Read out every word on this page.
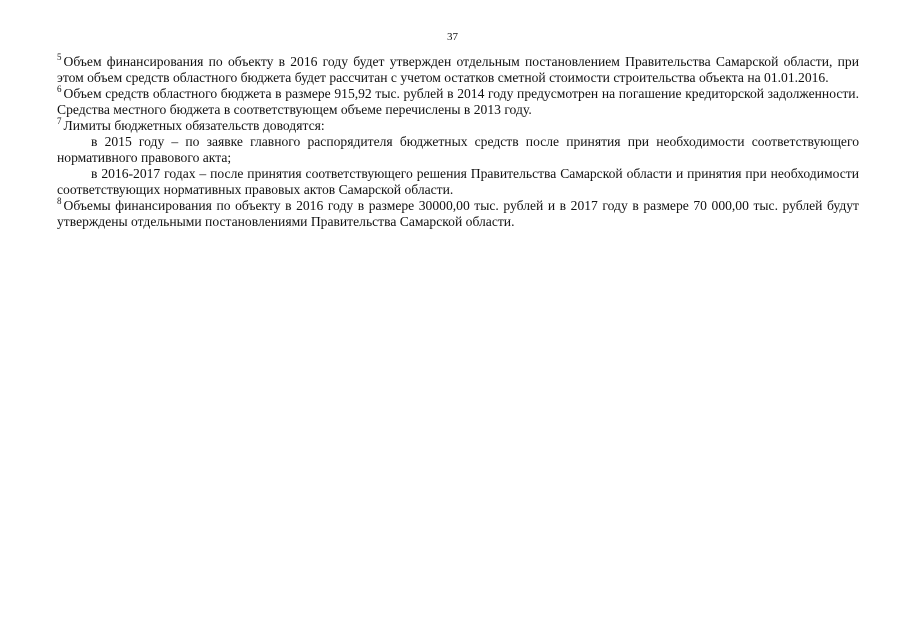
37

$^5$ Объем финансирования по объекту в 2016 году будет утвержден отдельным постановлением Правительства Самарской области, при этом объем средств областного бюджета будет рассчитан с учетом остатков сметной стоимости строительства объекта на 01.01.2016.

$^6$ Объем средств областного бюджета в размере 915,92 тыс. рублей в 2014 году предусмотрен на погашение кредиторской задолженности. Средства местного бюджета в соответствующем объеме перечислены в 2013 году.

$^7$ Лимиты бюджетных обязательств доводятся:

в 2015 году – по заявке главного распорядителя бюджетных средств после принятия при необходимости соответствующего нормативного правового акта;

в 2016-2017 годах – после принятия соответствующего решения Правительства Самарской области и принятия при необходимости соответствующих нормативных правовых актов Самарской области.

$^8$ Объемы финансирования по объекту в 2016 году в размере 30000,00 тыс. рублей и в 2017 году в размере 70 000,00 тыс. рублей будут утверждены отдельными постановлениями Правительства Самарской области.
